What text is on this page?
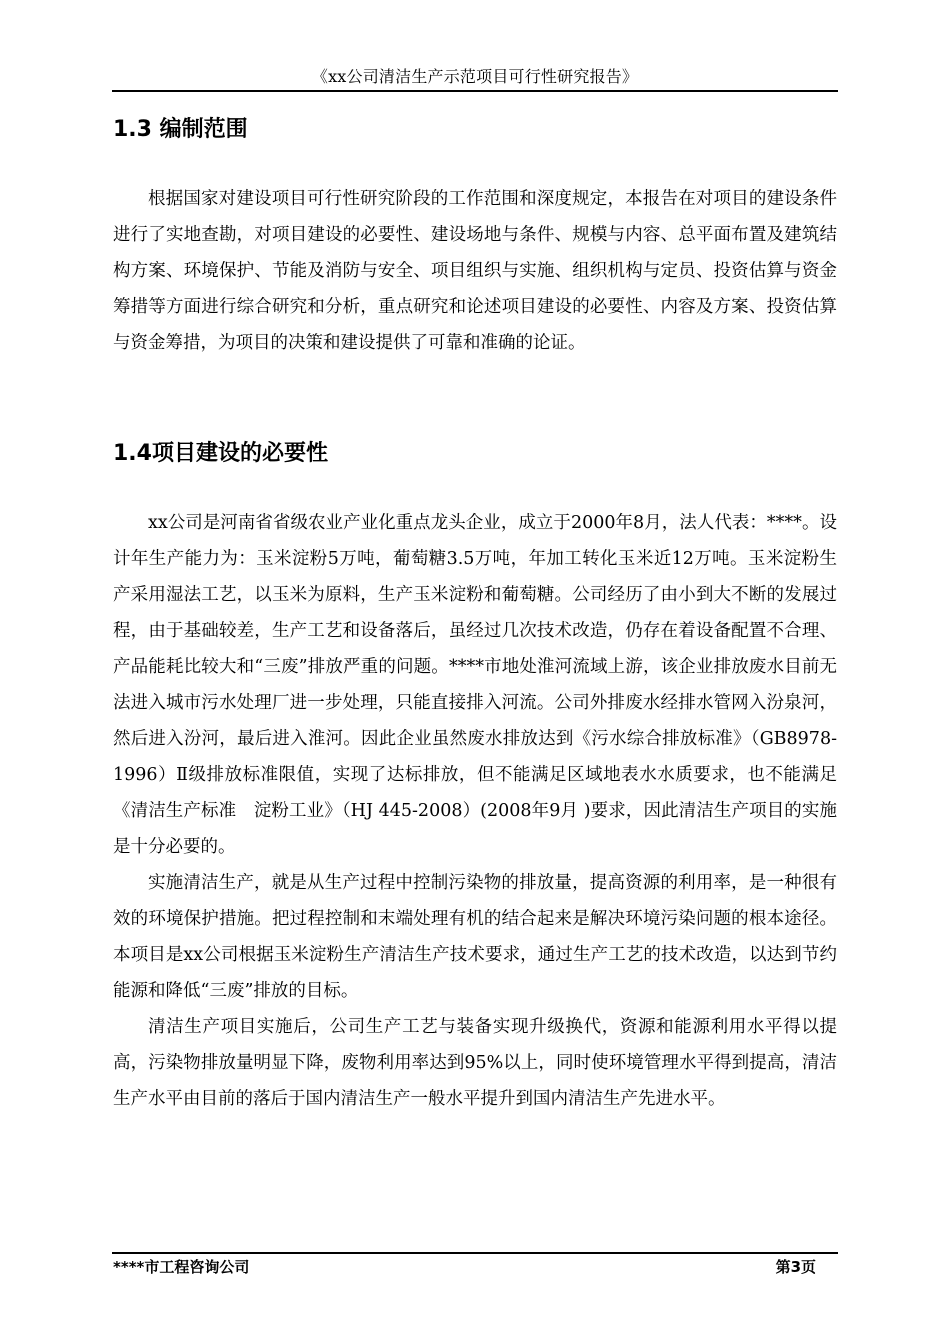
《xx公司清洁生产示范项目可行性研究报告》
1.3 编制范围

根据国家对建设项目可行性研究阶段的工作范围和深度规定，本报告在对项目的建设条件进行了实地查勘，对项目建设的必要性、建设场地与条件、规模与内容、总平面布置及建筑结构方案、环境保护、节能及消防与安全、项目组织与实施、组织机构与定员、投资估算与资金筹措等方面进行综合研究和分析，重点研究和论述项目建设的必要性、内容及方案、投资估算与资金筹措，为项目的决策和建设提供了可靠和准确的论证。

1.4项目建设的必要性

xx公司是河南省省级农业产业化重点龙头企业，成立于2000年8月，法人代表：****。设计年生产能力为：玉米淀粉5万吨，葡萄糖3.5万吨，年加工转化玉米近12万吨。玉米淀粉生产采用湿法工艺，以玉米为原料，生产玉米淀粉和葡萄糖。公司经历了由小到大不断的发展过程，由于基础较差，生产工艺和设备落后，虽经过几次技术改造，仍存在着设备配置不合理、产品能耗比较大和“三废”排放严重的问题。****市地处淮河流域上游，该企业排放废水目前无法进入城市污水处理厂进一步处理，只能直接排入河流。公司外排废水经排水管网入汾泉河，然后进入汾河，最后进入淮河。因此企业虽然废水排放达到《污水综合排放标准》（GB8978-1996）Ⅱ级排放标准限值，实现了达标排放，但不能满足区域地表水水质要求，也不能满足《清洁生产标准　淀粉工业》（HJ 445-2008）(2008年9月 )要求，因此清洁生产项目的实施是十分必要的。

实施清洁生产，就是从生产过程中控制污染物的排放量，提高资源的利用率，是一种很有效的环境保护措施。把过程控制和末端处理有机的结合起来是解决环境污染问题的根本途径。本项目是xx公司根据玉米淀粉生产清洁生产技术要求，通过生产工艺的技术改造，以达到节约能源和降低“三废”排放的目标。

清洁生产项目实施后，公司生产工艺与装备实现升级换代，资源和能源利用水平得以提高，污染物排放量明显下降，废物利用率达到95%以上，同时使环境管理水平得到提高，清洁生产水平由目前的落后于国内清洁生产一般水平提升到国内清洁生产先进水平。

****市工程咨询公司	第3页
